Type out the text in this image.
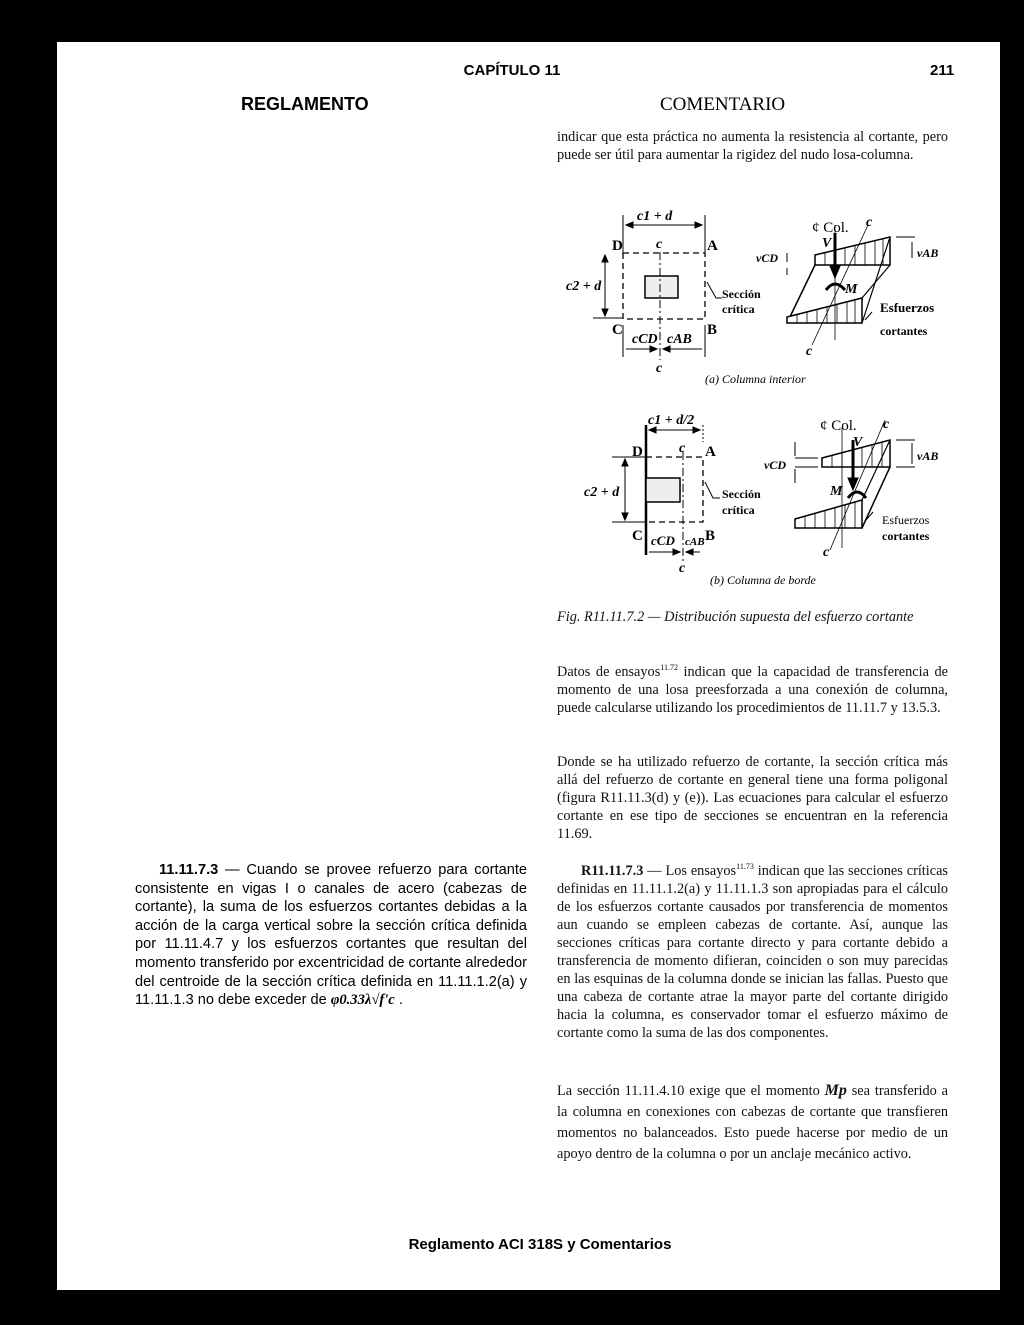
CAPÍTULO 11	211
REGLAMENTO	COMENTARIO

indicar que esta práctica no aumenta la resistencia al cortante, pero puede ser útil para aumentar la rigidez del nudo losa-columna.

c1 + d
c2 + d
D	A
C	B
c
c
cCD cAB
Sección
crítica
¢ Col. c
c
V
M
vCD	vAB
Esfuerzos
cortantes
(a) Columna interior
c1 + d/2
c2 + d
D	A
C	B
c
c
cCD cAB
Sección
crítica
¢ Col. c
c
V
M
vCD
vAB
Esfuerzos
cortantes
(b) Columna de borde

Fig. R11.11.7.2 — Distribución supuesta del esfuerzo cortante

Datos de ensayos$^{11.72}$ indican que la capacidad de transferencia de momento de una losa preesforzada a una conexión de columna, puede calcularse utilizando los procedimientos de 11.11.7 y 13.5.3.

Donde se ha utilizado refuerzo de cortante, la sección crítica más allá del refuerzo de cortante en general tiene una forma poligonal (figura R11.11.3(d) y (e)). Las ecuaciones para calcular el esfuerzo cortante en ese tipo de secciones se encuentran en la referencia 11.69.

R11.11.7.3 — Los ensayos$^{11.73}$ indican que las secciones críticas definidas en 11.11.1.2(a) y 11.11.1.3 son apropiadas para el cálculo de los esfuerzos cortante causados por transferencia de momentos aun cuando se empleen cabezas de cortante. Así, aunque las secciones críticas para cortante directo y para cortante debido a transferencia de momento difieran, coinciden o son muy parecidas en las esquinas de la columna donde se inician las fallas. Puesto que una cabeza de cortante atrae la mayor parte del cortante dirigido hacia la columna, es conservador tomar el esfuerzo máximo de cortante como la suma de las dos componentes.

La sección 11.11.4.10 exige que el momento Mp sea transferido a la columna en conexiones con cabezas de cortante que transfieren momentos no balanceados. Esto puede hacerse por medio de un apoyo dentro de la columna o por un anclaje mecánico activo.

11.11.7.3 — Cuando se provee refuerzo para cortante consistente en vigas I o canales de acero (cabezas de cortante), la suma de los esfuerzos cortantes debidas a la acción de la carga vertical sobre la sección crítica definida por 11.11.4.7 y los esfuerzos cortantes que resultan del momento transferido por excentricidad de cortante alrededor del centroide de la sección crítica definida en 11.11.1.2(a) y 11.11.1.3 no debe exceder de φ0.33λ√f'c .

Reglamento ACI 318S y Comentarios
